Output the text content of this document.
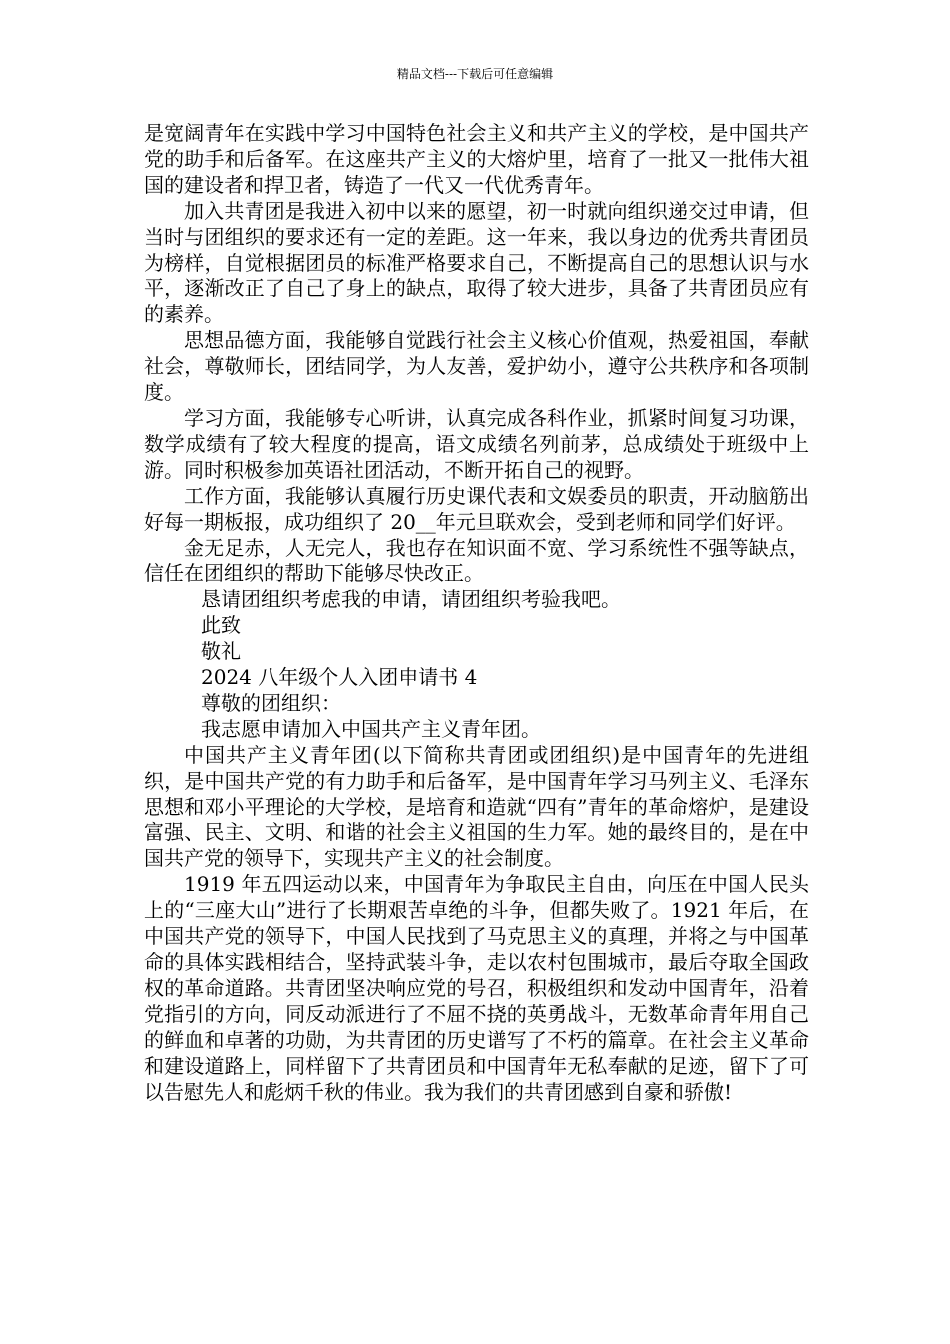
精品文档---下载后可任意编辑

是宽阔青年在实践中学习中国特色社会主义和共产主义的学校，是中国共产党的助手和后备军。在这座共产主义的大熔炉里，培育了一批又一批伟大祖国的建设者和捍卫者，铸造了一代又一代优秀青年。

加入共青团是我进入初中以来的愿望，初一时就向组织递交过申请，但当时与团组织的要求还有一定的差距。这一年来，我以身边的优秀共青团员为榜样，自觉根据团员的标准严格要求自己，不断提高自己的思想认识与水平，逐渐改正了自己了身上的缺点，取得了较大进步，具备了共青团员应有的素养。

思想品德方面，我能够自觉践行社会主义核心价值观，热爱祖国，奉献社会，尊敬师长，团结同学，为人友善，爱护幼小，遵守公共秩序和各项制度。

学习方面，我能够专心听讲，认真完成各科作业，抓紧时间复习功课，数学成绩有了较大程度的提高，语文成绩名列前茅，总成绩处于班级中上游。同时积极参加英语社团活动，不断开拓自己的视野。

工作方面，我能够认真履行历史课代表和文娱委员的职责，开动脑筋出好每一期板报，成功组织了 20__年元旦联欢会，受到老师和同学们好评。

金无足赤，人无完人，我也存在知识面不宽、学习系统性不强等缺点，信任在团组织的帮助下能够尽快改正。

恳请团组织考虑我的申请，请团组织考验我吧。

此致

敬礼

2024 八年级个人入团申请书 4

尊敬的团组织：

我志愿申请加入中国共产主义青年团。

中国共产主义青年团(以下简称共青团或团组织)是中国青年的先进组织，是中国共产党的有力助手和后备军，是中国青年学习马列主义、毛泽东思想和邓小平理论的大学校，是培育和造就“四有”青年的革命熔炉，是建设富强、民主、文明、和谐的社会主义祖国的生力军。她的最终目的，是在中国共产党的领导下，实现共产主义的社会制度。

1919 年五四运动以来，中国青年为争取民主自由，向压在中国人民头上的“三座大山”进行了长期艰苦卓绝的斗争，但都失败了。1921 年后，在中国共产党的领导下，中国人民找到了马克思主义的真理，并将之与中国革命的具体实践相结合，坚持武装斗争，走以农村包围城市，最后夺取全国政权的革命道路。共青团坚决响应党的号召，积极组织和发动中国青年，沿着党指引的方向，同反动派进行了不屈不挠的英勇战斗，无数革命青年用自己的鲜血和卓著的功勋，为共青团的历史谱写了不朽的篇章。在社会主义革命和建设道路上，同样留下了共青团员和中国青年无私奉献的足迹，留下了可以告慰先人和彪炳千秋的伟业。我为我们的共青团感到自豪和骄傲!
